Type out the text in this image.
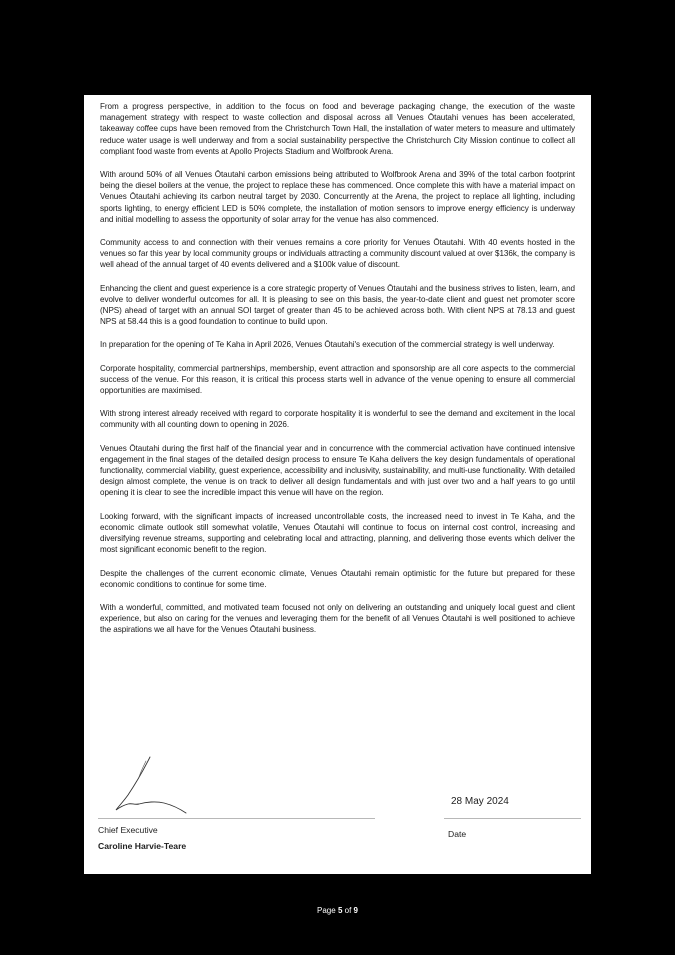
From a progress perspective, in addition to the focus on food and beverage packaging change, the execution of the waste management strategy with respect to waste collection and disposal across all Venues Ōtautahi venues has been accelerated, takeaway coffee cups have been removed from the Christchurch Town Hall, the installation of water meters to measure and ultimately reduce water usage is well underway and from a social sustainability perspective the Christchurch City Mission continue to collect all compliant food waste from events at Apollo Projects Stadium and Wolfbrook Arena.

With around 50% of all Venues Ōtautahi carbon emissions being attributed to Wolfbrook Arena and 39% of the total carbon footprint being the diesel boilers at the venue, the project to replace these has commenced. Once complete this with have a material impact on Venues Ōtautahi achieving its carbon neutral target by 2030. Concurrently at the Arena, the project to replace all lighting, including sports lighting, to energy efficient LED is 50% complete, the installation of motion sensors to improve energy efficiency is underway and initial modelling to assess the opportunity of solar array for the venue has also commenced.

Community access to and connection with their venues remains a core priority for Venues Ōtautahi. With 40 events hosted in the venues so far this year by local community groups or individuals attracting a community discount valued at over $136k, the company is well ahead of the annual target of 40 events delivered and a $100k value of discount.

Enhancing the client and guest experience is a core strategic property of Venues Ōtautahi and the business strives to listen, learn, and evolve to deliver wonderful outcomes for all. It is pleasing to see on this basis, the year-to-date client and guest net promoter score (NPS) ahead of target with an annual SOI target of greater than 45 to be achieved across both. With client NPS at 78.13 and guest NPS at 58.44 this is a good foundation to continue to build upon.

In preparation for the opening of Te Kaha in April 2026, Venues Ōtautahi's execution of the commercial strategy is well underway.

Corporate hospitality, commercial partnerships, membership, event attraction and sponsorship are all core aspects to the commercial success of the venue. For this reason, it is critical this process starts well in advance of the venue opening to ensure all commercial opportunities are maximised.

With strong interest already received with regard to corporate hospitality it is wonderful to see the demand and excitement in the local community with all counting down to opening in 2026.

Venues Ōtautahi during the first half of the financial year and in concurrence with the commercial activation have continued intensive engagement in the final stages of the detailed design process to ensure Te Kaha delivers the key design fundamentals of operational functionality, commercial viability, guest experience, accessibility and inclusivity, sustainability, and multi-use functionality. With detailed design almost complete, the venue is on track to deliver all design fundamentals and with just over two and a half years to go until opening it is clear to see the incredible impact this venue will have on the region.

Looking forward, with the significant impacts of increased uncontrollable costs, the increased need to invest in Te Kaha, and the economic climate outlook still somewhat volatile, Venues Ōtautahi will continue to focus on internal cost control, increasing and diversifying revenue streams, supporting and celebrating local and attracting, planning, and delivering those events which deliver the most significant economic benefit to the region.

Despite the challenges of the current economic climate, Venues Ōtautahi remain optimistic for the future but prepared for these economic conditions to continue for some time.

With a wonderful, committed, and motivated team focused not only on delivering an outstanding and uniquely local guest and client experience, but also on caring for the venues and leveraging them for the benefit of all Venues Ōtautahi is well positioned to achieve the aspirations we all have for the Venues Ōtautahi business.

28 May 2024
Chief Executive
Caroline Harvie-Teare
Date
Page 5 of 9
